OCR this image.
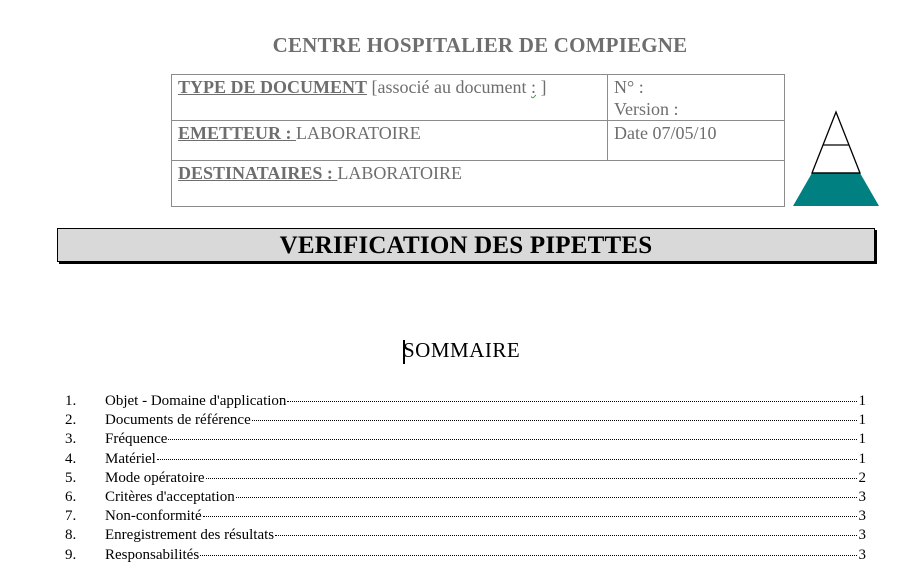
CENTRE HOSPITALIER DE COMPIEGNE
TYPE DE DOCUMENT [associé au document : ]	N° :
Version :
EMETTEUR : LABORATOIRE	Date 07/05/10
DESTINATAIRES : LABORATOIRE
VERIFICATION DES PIPETTES
SOMMAIRE
1.	Objet - Domaine d'application	1
2.	Documents de référence	1
3.	Fréquence	1
4.	Matériel	1
5.	Mode opératoire	2
6.	Critères d'acceptation	3
7.	Non-conformité	3
8.	Enregistrement des résultats	3
9.	Responsabilités	3
